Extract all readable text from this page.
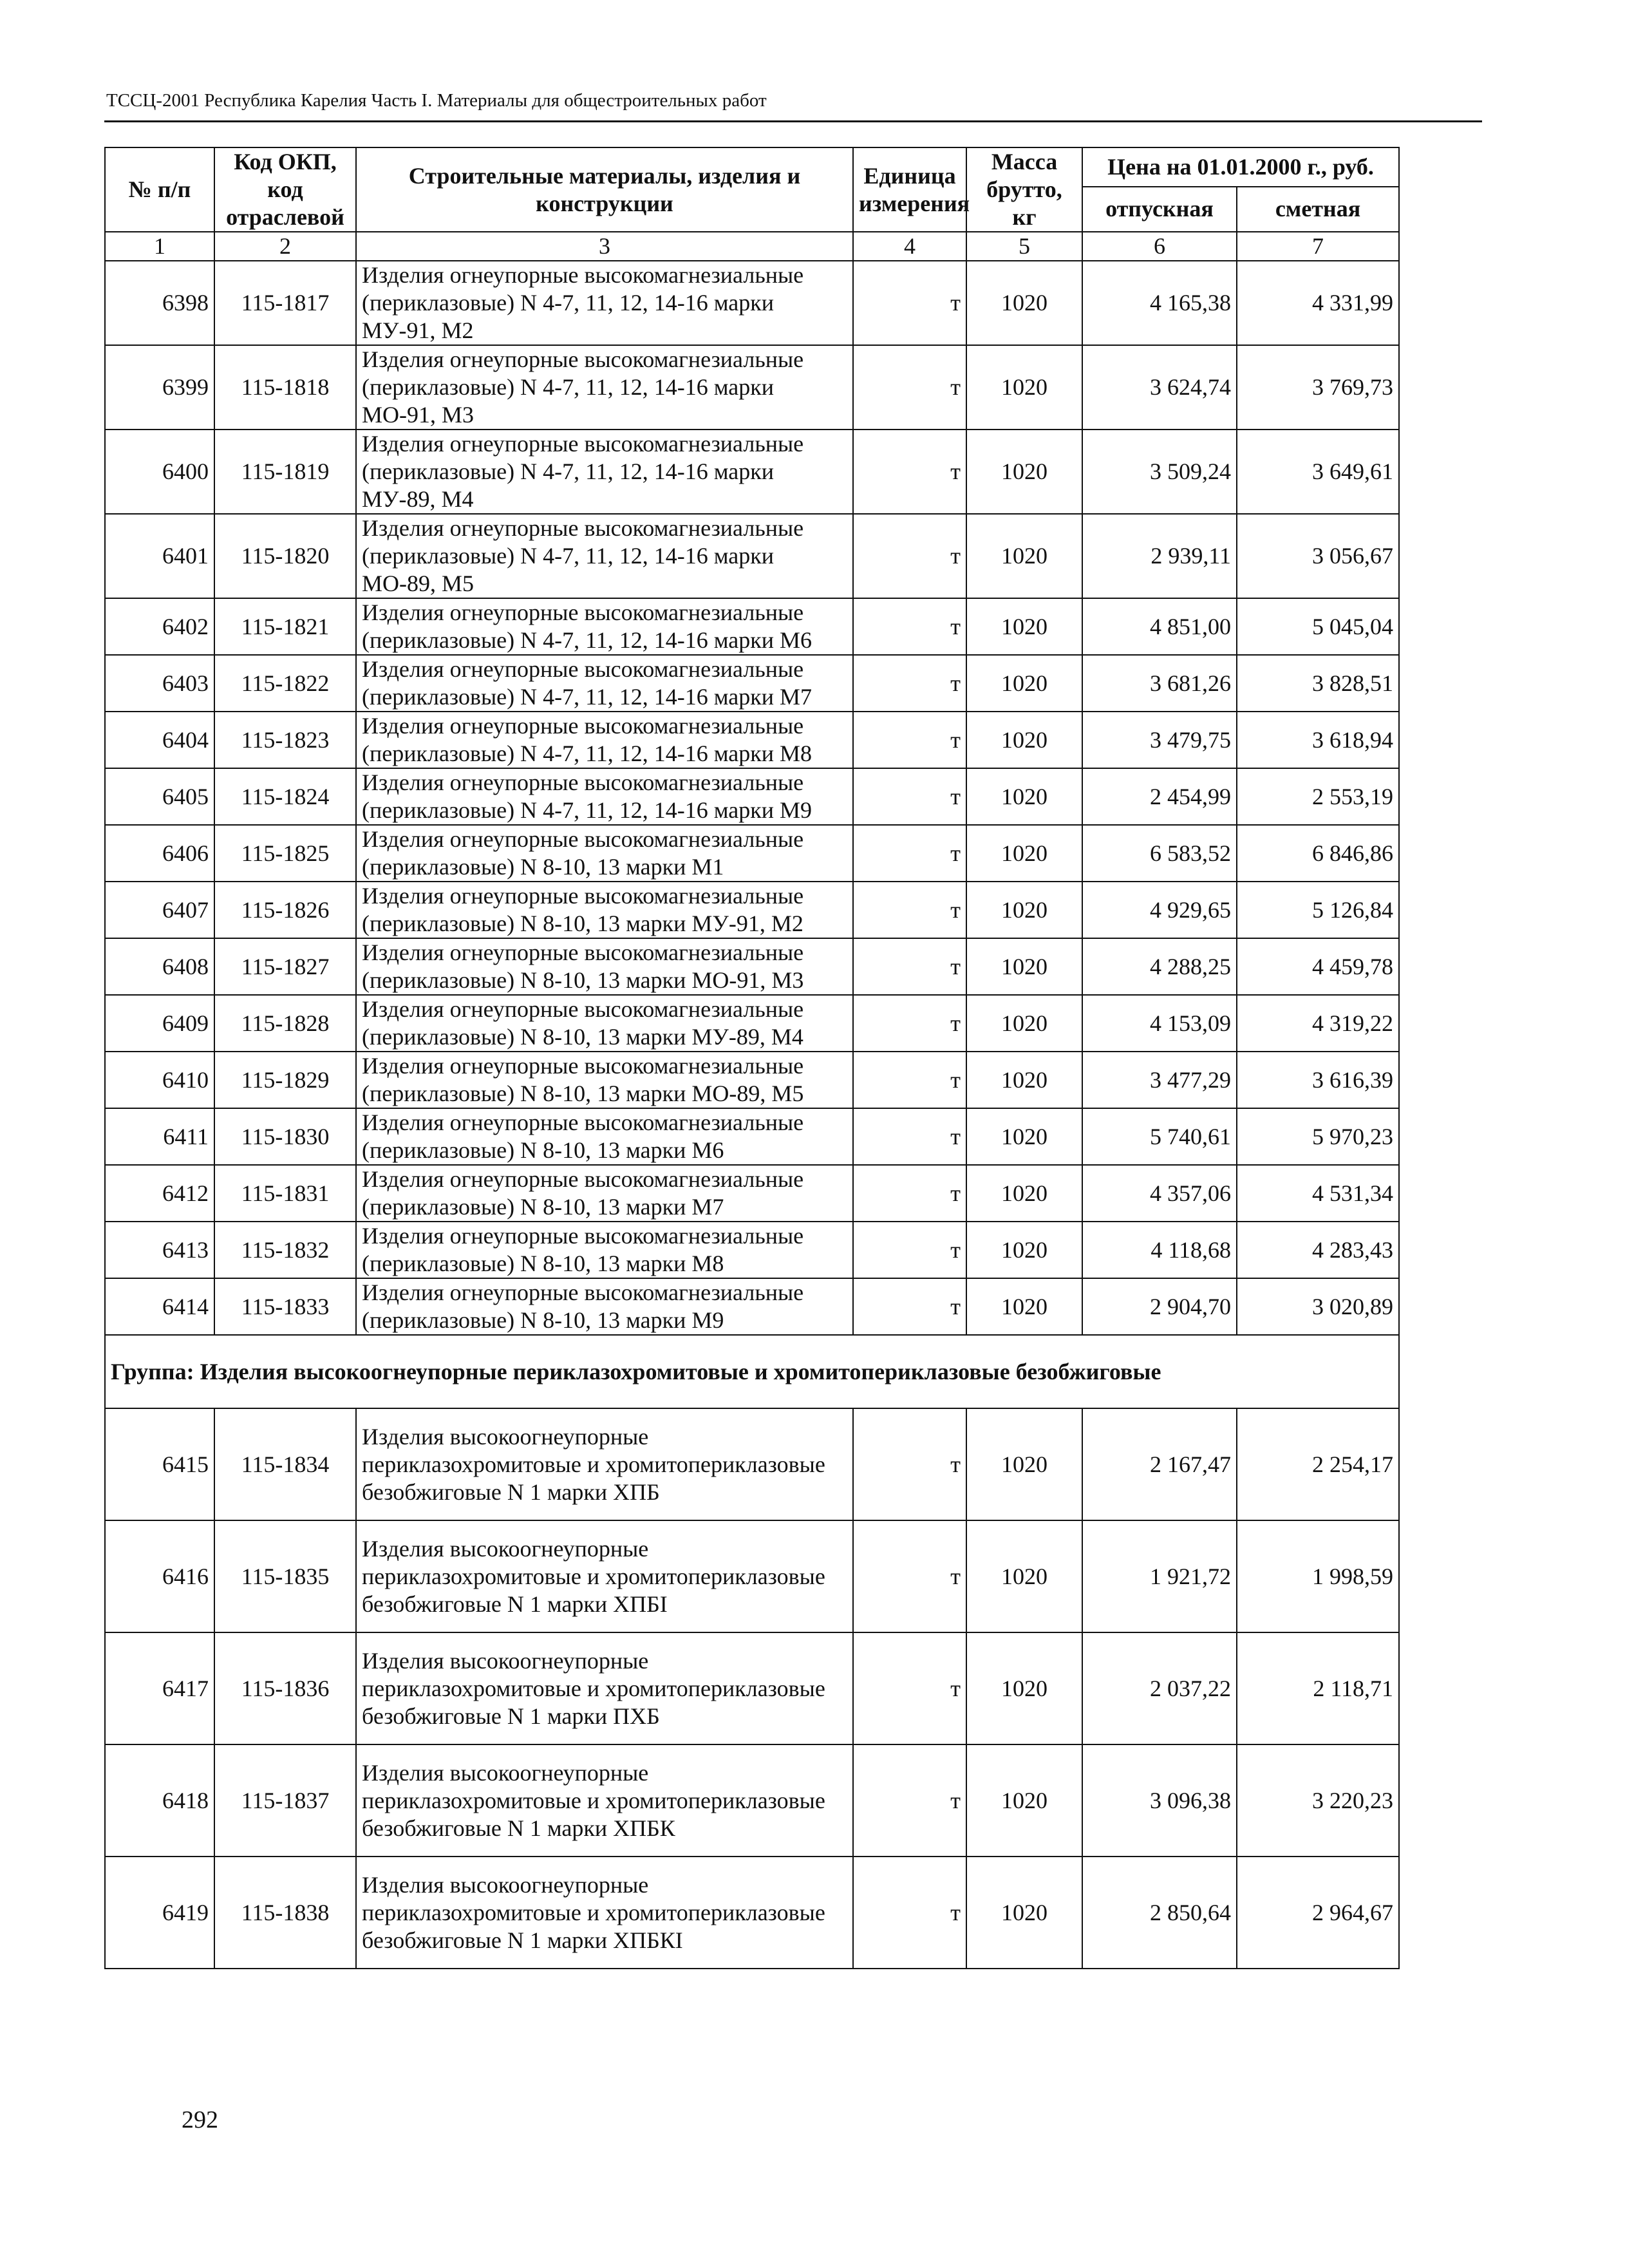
ТССЦ-2001 Республика Карелия Часть I. Материалы для общестроительных работ
№ п/п	Код ОКП, код отраслевой	Строительные материалы, изделия и конструкции	Единица измерения	Масса брутто, кг	Цена на 01.01.2000 г., руб.	
					отпускная	сметная
1	2	3	4	5	6	7
6398	115-1817	Изделия огнеупорные высокомагнезиальные (периклазовые) N 4-7, 11, 12, 14-16 марки МУ-91, М2	т	1020	4 165,38	4 331,99
6399	115-1818	Изделия огнеупорные высокомагнезиальные (периклазовые) N 4-7, 11, 12, 14-16 марки МО-91, М3	т	1020	3 624,74	3 769,73
6400	115-1819	Изделия огнеупорные высокомагнезиальные (периклазовые) N 4-7, 11, 12, 14-16 марки МУ-89, М4	т	1020	3 509,24	3 649,61
6401	115-1820	Изделия огнеупорные высокомагнезиальные (периклазовые) N 4-7, 11, 12, 14-16 марки МО-89, М5	т	1020	2 939,11	3 056,67
6402	115-1821	Изделия огнеупорные высокомагнезиальные (периклазовые) N 4-7, 11, 12, 14-16 марки М6	т	1020	4 851,00	5 045,04
6403	115-1822	Изделия огнеупорные высокомагнезиальные (периклазовые) N 4-7, 11, 12, 14-16 марки М7	т	1020	3 681,26	3 828,51
6404	115-1823	Изделия огнеупорные высокомагнезиальные (периклазовые) N 4-7, 11, 12, 14-16 марки М8	т	1020	3 479,75	3 618,94
6405	115-1824	Изделия огнеупорные высокомагнезиальные (периклазовые) N 4-7, 11, 12, 14-16 марки М9	т	1020	2 454,99	2 553,19
6406	115-1825	Изделия огнеупорные высокомагнезиальные (периклазовые) N 8-10, 13 марки М1	т	1020	6 583,52	6 846,86
6407	115-1826	Изделия огнеупорные высокомагнезиальные (периклазовые) N 8-10, 13 марки МУ-91, М2	т	1020	4 929,65	5 126,84
6408	115-1827	Изделия огнеупорные высокомагнезиальные (периклазовые) N 8-10, 13 марки МО-91, М3	т	1020	4 288,25	4 459,78
6409	115-1828	Изделия огнеупорные высокомагнезиальные (периклазовые) N 8-10, 13 марки МУ-89, М4	т	1020	4 153,09	4 319,22
6410	115-1829	Изделия огнеупорные высокомагнезиальные (периклазовые) N 8-10, 13 марки МО-89, М5	т	1020	3 477,29	3 616,39
6411	115-1830	Изделия огнеупорные высокомагнезиальные (периклазовые) N 8-10, 13 марки М6	т	1020	5 740,61	5 970,23
6412	115-1831	Изделия огнеупорные высокомагнезиальные (периклазовые) N 8-10, 13 марки М7	т	1020	4 357,06	4 531,34
6413	115-1832	Изделия огнеупорные высокомагнезиальные (периклазовые) N 8-10, 13 марки М8	т	1020	4 118,68	4 283,43
6414	115-1833	Изделия огнеупорные высокомагнезиальные (периклазовые) N 8-10, 13 марки М9	т	1020	2 904,70	3 020,89
Группа: Изделия высокоогнеупорные периклазохромитовые и хромитопериклазовые безобжиговые						
6415	115-1834	Изделия высокоогнеупорные периклазохромитовые и хромитопериклазовые безобжиговые N 1 марки ХПБ	т	1020	2 167,47	2 254,17
6416	115-1835	Изделия высокоогнеупорные периклазохромитовые и хромитопериклазовые безобжиговые N 1 марки ХПБI	т	1020	1 921,72	1 998,59
6417	115-1836	Изделия высокоогнеупорные периклазохромитовые и хромитопериклазовые безобжиговые N 1 марки ПХБ	т	1020	2 037,22	2 118,71
6418	115-1837	Изделия высокоогнеупорные периклазохромитовые и хромитопериклазовые безобжиговые N 1 марки ХПБК	т	1020	3 096,38	3 220,23
6419	115-1838	Изделия высокоогнеупорные периклазохромитовые и хромитопериклазовые безобжиговые N 1 марки ХПБКI	т	1020	2 850,64	2 964,67
292
